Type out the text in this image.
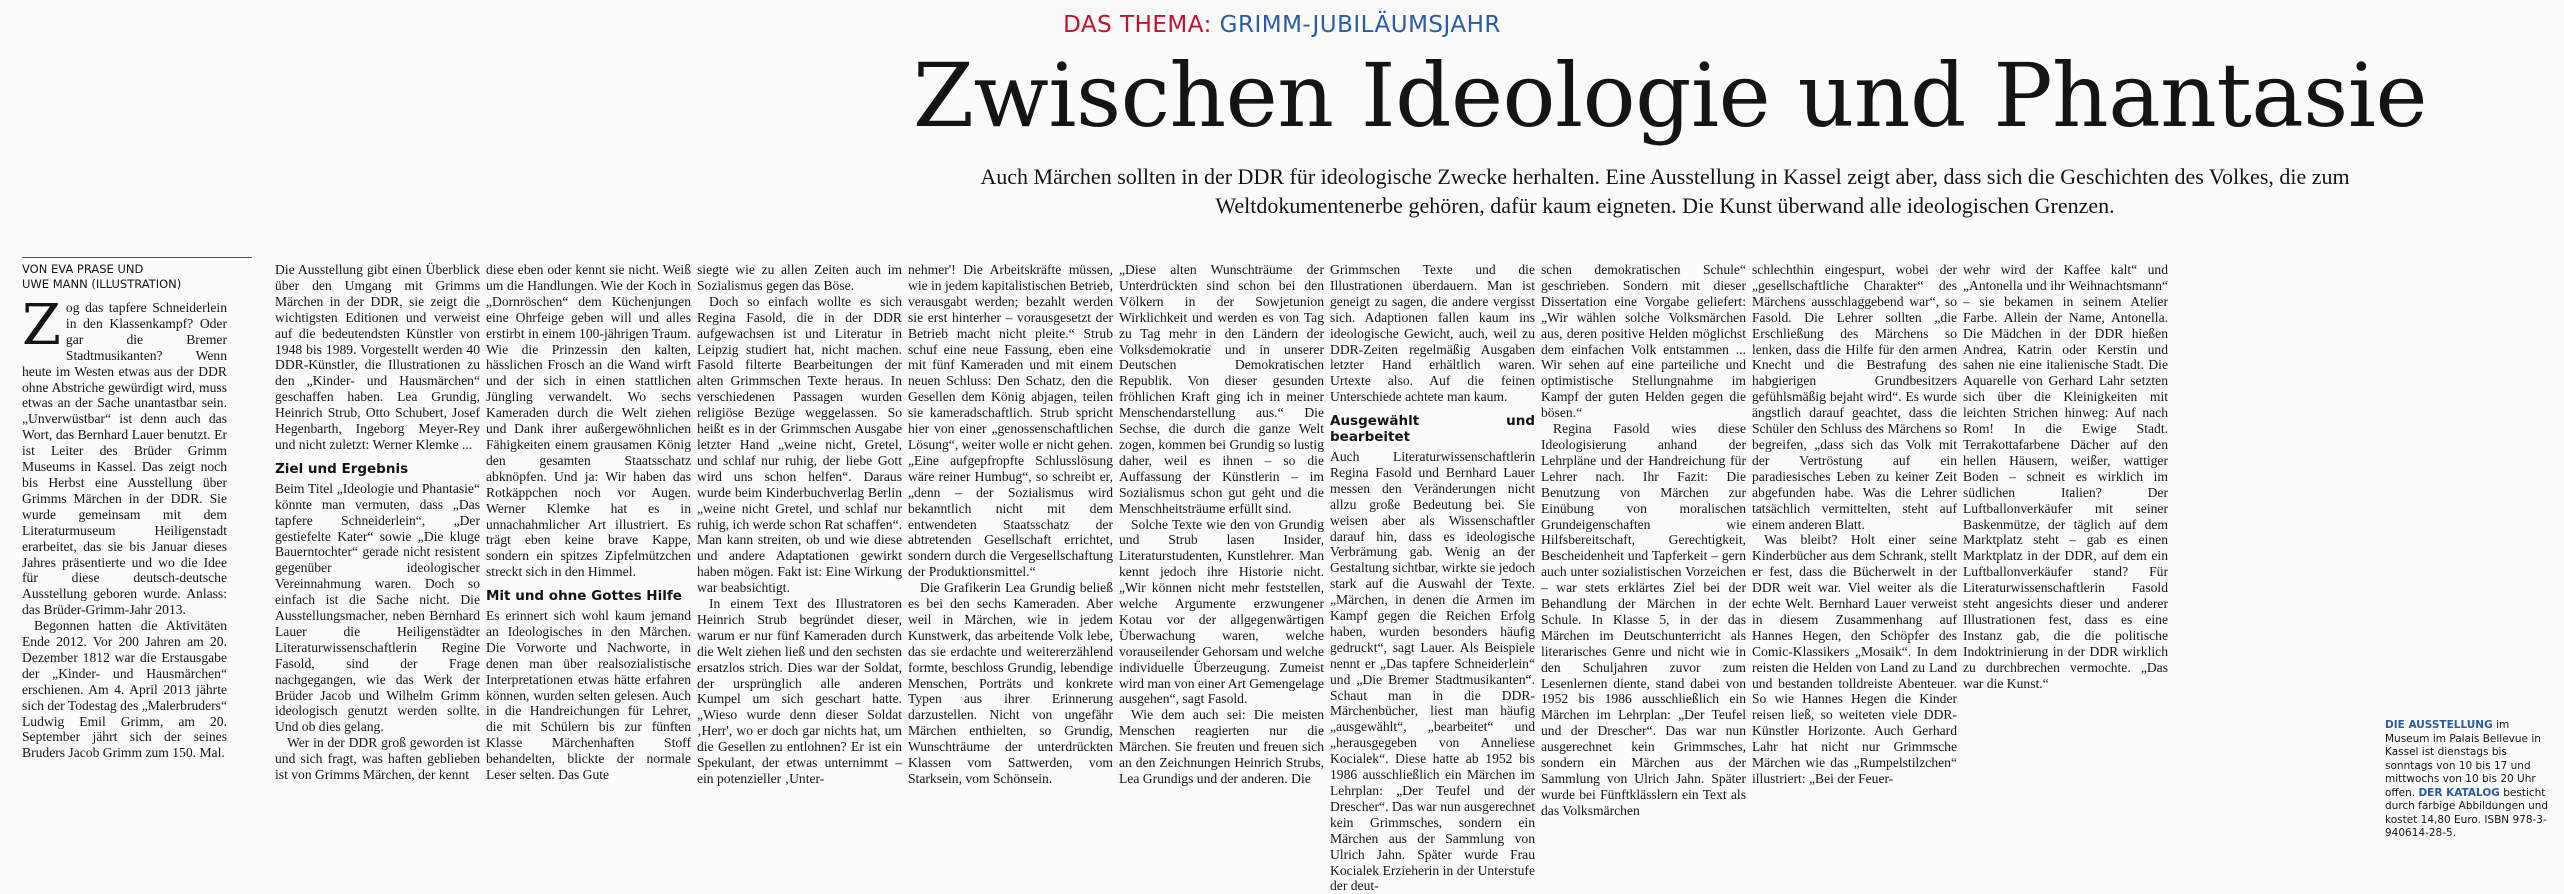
DAS THEMA: GRIMM-JUBILÄUMSJAHR
Zwischen Ideologie und Phantasie

Auch Märchen sollten in der DDR für ideologische Zwecke herhalten. Eine Ausstellung in Kassel zeigt aber, dass sich die Geschichten des Volkes, die zum Weltdokumentenerbe gehören, dafür kaum eigneten. Die Kunst überwand alle ideologischen Grenzen.

VON EVA PRASE UND
UWE MANN (ILLUSTRATION)
Z og das tapfere Schneiderlein in den Klassenkampf? Oder gar die Bremer Stadtmusikanten? Wenn heute im Westen etwas aus der DDR ohne Abstriche gewürdigt wird, muss etwas an der Sache unantastbar sein. „Unverwüstbar“ ist denn auch das Wort, das Bernhard Lauer benutzt. Er ist Leiter des Brüder Grimm Museums in Kassel. Das zeigt noch bis Herbst eine Ausstellung über Grimms Märchen in der DDR. Sie wurde gemeinsam mit dem Literaturmuseum Heiligenstadt erarbeitet, das sie bis Januar dieses Jahres präsentierte und wo die Idee für diese deutsch-deutsche Ausstellung geboren wurde. Anlass: das Brüder-Grimm-Jahr 2013.

Begonnen hatten die Aktivitäten Ende 2012. Vor 200 Jahren am 20. Dezember 1812 war die Erstausgabe der „Kinder- und Hausmärchen“ erschienen. Am 4. April 2013 jährte sich der Todestag des „Malerbruders“ Ludwig Emil Grimm, am 20. September jährt sich der seines Bruders Jacob Grimm zum 150. Mal.

Die Ausstellung gibt einen Überblick über den Umgang mit Grimms Märchen in der DDR, sie zeigt die wichtigsten Editionen und verweist auf die bedeutendsten Künstler von 1948 bis 1989. Vorgestellt werden 40 DDR-Künstler, die Illustrationen zu den „Kinder- und Hausmärchen“ geschaffen haben. Lea Grundig, Heinrich Strub, Otto Schubert, Josef Hegenbarth, Ingeborg Meyer-Rey und nicht zuletzt: Werner Klemke ...

Ziel und Ergebnis

Beim Titel „Ideologie und Phantasie“ könnte man vermuten, dass „Das tapfere Schneiderlein“, „Der gestiefelte Kater“ sowie „Die kluge Bauerntochter“ gerade nicht resistent gegenüber ideologischer Vereinnahmung waren. Doch so einfach ist die Sache nicht. Die Ausstellungsmacher, neben Bernhard Lauer die Heiligenstädter Literaturwissenschaftlerin Regine Fasold, sind der Frage nachgegangen, wie das Werk der Brüder Jacob und Wilhelm Grimm ideologisch genutzt werden sollte. Und ob dies gelang.

Wer in der DDR groß geworden ist und sich fragt, was haften geblieben ist von Grimms Märchen, der kennt

diese eben oder kennt sie nicht. Weiß um die Handlungen. Wie der Koch in „Dornröschen“ dem Küchenjungen eine Ohrfeige geben will und alles erstirbt in einem 100-jährigen Traum. Wie die Prinzessin den kalten, hässlichen Frosch an die Wand wirft und der sich in einen stattlichen Jüngling verwandelt. Wo sechs Kameraden durch die Welt ziehen und Dank ihrer außergewöhnlichen Fähigkeiten einem grausamen König den gesamten Staatsschatz abknöpfen. Und ja: Wir haben das Rotkäppchen noch vor Augen. Werner Klemke hat es in unnachahmlicher Art illustriert. Es trägt eben keine brave Kappe, sondern ein spitzes Zipfelmützchen streckt sich in den Himmel.

Mit und ohne Gottes Hilfe

Es erinnert sich wohl kaum jemand an Ideologisches in den Märchen. Die Vorworte und Nachworte, in denen man über realsozialistische Interpretationen etwas hätte erfahren können, wurden selten gelesen. Auch in die Handreichungen für Lehrer, die mit Schülern bis zur fünften Klasse Märchenhaften Stoff behandelten, blickte der normale Leser selten. Das Gute

siegte wie zu allen Zeiten auch im Sozialismus gegen das Böse.

Doch so einfach wollte es sich Regina Fasold, die in der DDR aufgewachsen ist und Literatur in Leipzig studiert hat, nicht machen. Fasold filterte Bearbeitungen der alten Grimmschen Texte heraus. In verschiedenen Passagen wurden religiöse Bezüge weggelassen. So heißt es in der Grimmschen Ausgabe letzter Hand „weine nicht, Gretel, und schlaf nur ruhig, der liebe Gott wird uns schon helfen“. Daraus wurde beim Kinderbuchverlag Berlin „weine nicht Gretel, und schlaf nur ruhig, ich werde schon Rat schaffen“. Man kann streiten, ob und wie diese und andere Adaptationen gewirkt haben mögen. Fakt ist: Eine Wirkung war beabsichtigt.

In einem Text des Illustratoren Heinrich Strub begründet dieser, warum er nur fünf Kameraden durch die Welt ziehen ließ und den sechsten ersatzlos strich. Dies war der Soldat, der ursprünglich alle anderen Kumpel um sich geschart hatte. „Wieso wurde denn dieser Soldat ‚Herr', wo er doch gar nichts hat, um die Gesellen zu entlohnen? Er ist ein Spekulant, der etwas unternimmt – ein potenzieller ‚Unter-

nehmer'! Die Arbeitskräfte müssen, wie in jedem kapitalistischen Betrieb, verausgabt werden; bezahlt werden sie erst hinterher – vorausgesetzt der Betrieb macht nicht pleite.“ Strub schuf eine neue Fassung, eben eine mit fünf Kameraden und mit einem neuen Schluss: Den Schatz, den die Gesellen dem König abjagen, teilen sie kameradschaftlich. Strub spricht hier von einer „genossenschaftlichen Lösung“, weiter wolle er nicht gehen. „Eine aufgepfropfte Schlusslösung wäre reiner Humbug“, so schreibt er, „denn – der Sozialismus wird bekanntlich nicht mit dem entwendeten Staatsschatz der abtretenden Gesellschaft errichtet, sondern durch die Vergesellschaftung der Produktionsmittel.“

Die Grafikerin Lea Grundig beließ es bei den sechs Kameraden. Aber weil in Märchen, wie in jedem Kunstwerk, das arbeitende Volk lebe, das sie erdachte und weitererzählend formte, beschloss Grundig, lebendige Menschen, Porträts und konkrete Typen aus ihrer Erinnerung darzustellen. Nicht von ungefähr Märchen enthielten, so Grundig, Wunschträume der unterdrückten Klassen vom Sattwerden, vom Starksein, vom Schönsein.

„Diese alten Wunschträume der Unterdrückten sind schon bei den Völkern in der Sowjetunion Wirklichkeit und werden es von Tag zu Tag mehr in den Ländern der Volksdemokratie und in unserer Deutschen Demokratischen Republik. Von dieser gesunden fröhlichen Kraft ging ich in meiner Menschendarstellung aus.“ Die Sechse, die durch die ganze Welt zogen, kommen bei Grundig so lustig daher, weil es ihnen – so die Auffassung der Künstlerin – im Sozialismus schon gut geht und die Menschheitsträume erfüllt sind.

Solche Texte wie den von Grundig und Strub lasen Insider, Literaturstudenten, Kunstlehrer. Man kennt jedoch ihre Historie nicht. „Wir können nicht mehr feststellen, welche Argumente erzwungener Kotau vor der allgegenwärtigen Überwachung waren, welche vorauseilender Gehorsam und welche individuelle Überzeugung. Zumeist wird man von einer Art Gemengelage ausgehen“, sagt Fasold.

Wie dem auch sei: Die meisten Menschen reagierten nur die Märchen. Sie freuten und freuen sich an den Zeichnungen Heinrich Strubs, Lea Grundigs und der anderen. Die

Grimmschen Texte und die Illustrationen überdauern. Man ist geneigt zu sagen, die andere vergisst sich. Adaptionen fallen kaum ins ideologische Gewicht, auch, weil zu DDR-Zeiten regelmäßig Ausgaben letzter Hand erhältlich waren. Urtexte also. Auf die feinen Unterschiede achtete man kaum.

Ausgewählt und bearbeitet

Auch Literaturwissenschaftlerin Regina Fasold und Bernhard Lauer messen den Veränderungen nicht allzu große Bedeutung bei. Sie weisen aber als Wissenschaftler darauf hin, dass es ideologische Verbrämung gab. Wenig an der Gestaltung sichtbar, wirkte sie jedoch stark auf die Auswahl der Texte. „Märchen, in denen die Armen im Kampf gegen die Reichen Erfolg haben, wurden besonders häufig gedruckt“, sagt Lauer. Als Beispiele nennt er „Das tapfere Schneiderlein“ und „Die Bremer Stadtmusikanten“. Schaut man in die DDR-Märchenbücher, liest man häufig „ausgewählt“, „bearbeitet“ und „herausgegeben von Anneliese Kocialek“. Diese hatte ab 1952 bis 1986 ausschließlich ein Märchen im Lehrplan: „Der Teufel und der Drescher“. Das war nun ausgerechnet kein Grimmsches, sondern ein Märchen aus der Sammlung von Ulrich Jahn. Später wurde Frau Kocialek Erzieherin in der Unterstufe der deut-

schen demokratischen Schule“ geschrieben. Sondern mit dieser Dissertation eine Vorgabe geliefert: „Wir wählen solche Volksmärchen aus, deren positive Helden möglichst dem einfachen Volk entstammen ... Wir sehen auf eine parteiliche und optimistische Stellungnahme im Kampf der guten Helden gegen die bösen.“

Regina Fasold wies diese Ideologisierung anhand der Lehrpläne und der Handreichung für Lehrer nach. Ihr Fazit: Die Benutzung von Märchen zur Einübung von moralischen Grundeigenschaften wie Hilfsbereitschaft, Gerechtigkeit, Bescheidenheit und Tapferkeit – gern auch unter sozialistischen Vorzeichen – war stets erklärtes Ziel bei der Behandlung der Märchen in der Schule. In Klasse 5, in der das Märchen im Deutschunterricht als literarisches Genre und nicht wie in den Schuljahren zuvor zum Lesenlernen diente, stand dabei von 1952 bis 1986 ausschließlich ein Märchen im Lehrplan: „Der Teufel und der Drescher“. Das war nun ausgerechnet kein Grimmsches, sondern ein Märchen aus der Sammlung von Ulrich Jahn. Später wurde bei Fünftklässlern ein Text als das Volksmärchen

schlechthin eingespurt, wobei der „gesellschaftliche Charakter“ des Märchens ausschlaggebend war“, so Fasold. Die Lehrer sollten „die Erschließung des Märchens so lenken, dass die Hilfe für den armen Knecht und die Bestrafung des habgierigen Grundbesitzers gefühlsmäßig bejaht wird“. Es wurde ängstlich darauf geachtet, dass die Schüler den Schluss des Märchens so begreifen, „dass sich das Volk mit der Vertröstung auf ein paradiesisches Leben zu keiner Zeit abgefunden habe. Was die Lehrer tatsächlich vermittelten, steht auf einem anderen Blatt.

Was bleibt? Holt einer seine Kinderbücher aus dem Schrank, stellt er fest, dass die Bücherwelt in der DDR weit war. Viel weiter als die echte Welt. Bernhard Lauer verweist in diesem Zusammenhang auf Hannes Hegen, den Schöpfer des Comic-Klassikers „Mosaik“. In dem reisten die Helden von Land zu Land und bestanden tolldreiste Abenteuer. So wie Hannes Hegen die Kinder reisen ließ, so weiteten viele DDR-Künstler Horizonte. Auch Gerhard Lahr hat nicht nur Grimmsche Märchen wie das „Rumpelstilzchen“ illustriert: „Bei der Feuer-

wehr wird der Kaffee kalt“ und „Antonella und ihr Weihnachtsmann“ – sie bekamen in seinem Atelier Farbe. Allein der Name, Antonella. Die Mädchen in der DDR hießen Andrea, Katrin oder Kerstin und sahen nie eine italienische Stadt. Die Aquarelle von Gerhard Lahr setzten sich über die Kleinigkeiten mit leichten Strichen hinweg: Auf nach Rom! In die Ewige Stadt. Terrakottafarbene Dächer auf den hellen Häusern, weißer, wattiger Boden – schneit es wirklich im südlichen Italien? Der Luftballonverkäufer mit seiner Baskenmütze, der täglich auf dem Marktplatz steht – gab es einen Marktplatz in der DDR, auf dem ein Luftballonverkäufer stand? Für Literaturwissenschaftlerin Fasold steht angesichts dieser und anderer Illustrationen fest, dass es eine Instanz gab, die die politische Indoktrinierung in der DDR wirklich zu durchbrechen vermochte. „Das war die Kunst.“

DIE AUSSTELLUNG im Museum im Palais Bellevue in Kassel ist dienstags bis sonntags von 10 bis 17 und mittwochs von 10 bis 20 Uhr offen. DER KATALOG besticht durch farbige Abbildungen und kostet 14,80 Euro. ISBN 978-3-940614-28-5.
